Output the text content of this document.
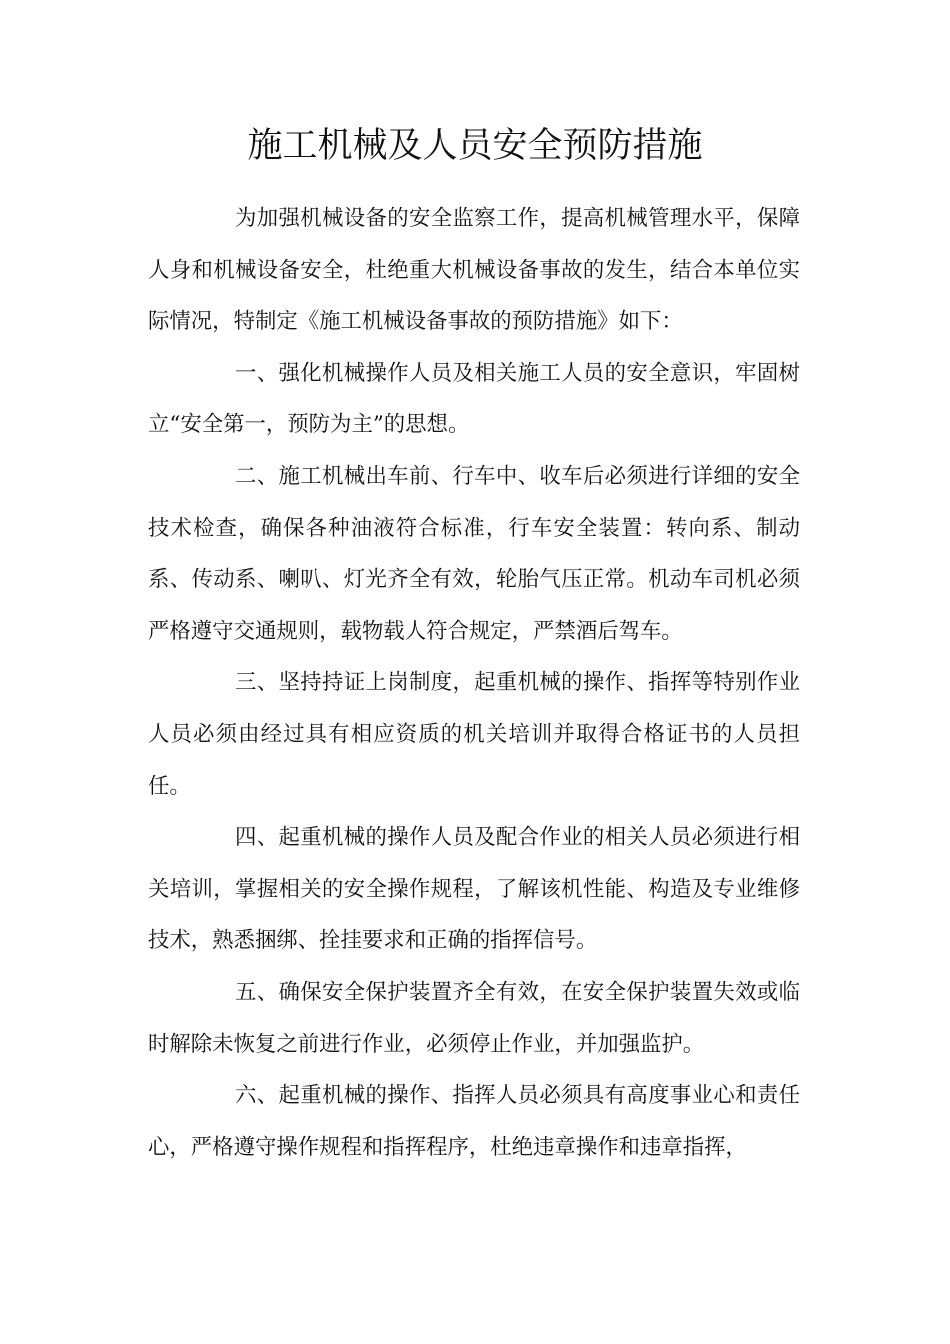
施工机械及人员安全预防措施

为加强机械设备的安全监察工作，提高机械管理水平，保障人身和机械设备安全，杜绝重大机械设备事故的发生，结合本单位实际情况，特制定《施工机械设备事故的预防措施》如下：

一、强化机械操作人员及相关施工人员的安全意识，牢固树立“安全第一，预防为主”的思想。

二、施工机械出车前、行车中、收车后必须进行详细的安全技术检查，确保各种油液符合标准，行车安全装置：转向系、制动系、传动系、喇叭、灯光齐全有效，轮胎气压正常。机动车司机必须严格遵守交通规则，载物载人符合规定，严禁酒后驾车。

三、坚持持证上岗制度，起重机械的操作、指挥等特别作业人员必须由经过具有相应资质的机关培训并取得合格证书的人员担任。

四、起重机械的操作人员及配合作业的相关人员必须进行相关培训，掌握相关的安全操作规程，了解该机性能、构造及专业维修技术，熟悉捆绑、拴挂要求和正确的指挥信号。

五、确保安全保护装置齐全有效，在安全保护装置失效或临时解除未恢复之前进行作业，必须停止作业，并加强监护。

六、起重机械的操作、指挥人员必须具有高度事业心和责任心，严格遵守操作规程和指挥程序，杜绝违章操作和违章指挥，
